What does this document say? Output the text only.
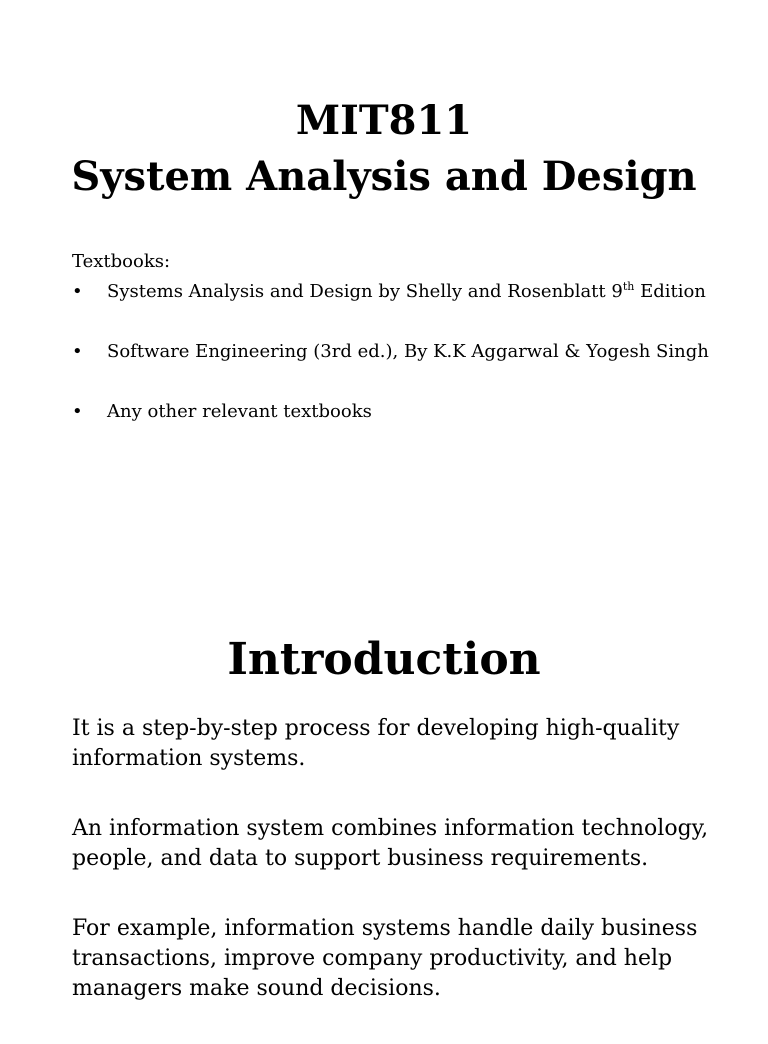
MIT811
System Analysis and Design

Textbooks:

• Systems Analysis and Design by Shelly and Rosenblatt 9th Edition
• Software Engineering (3rd ed.), By K.K Aggarwal & Yogesh Singh
• Any other relevant textbooks
Introduction

It is a step-by-step process for developing high-quality information systems.

An information system combines information technology, people, and data to support business requirements.

For example, information systems handle daily business transactions, improve company productivity, and help managers make sound decisions.
